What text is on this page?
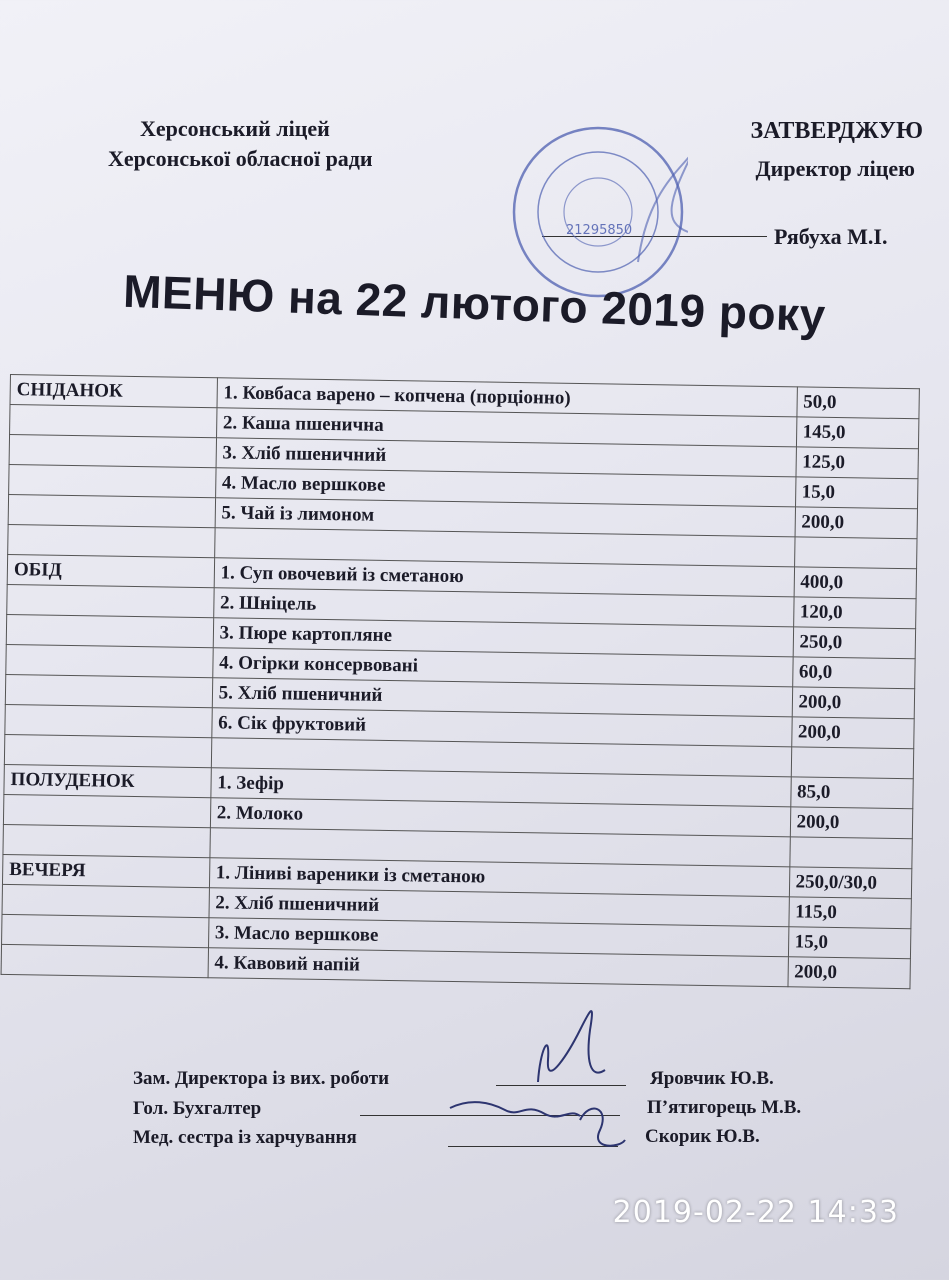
Херсонський ліцей
Херсонської обласної ради
ЗАТВЕРДЖУЮ
Директор ліцею
Рябуха М.І.
21295850
МЕНЮ на 22 лютого 2019 року
СНІДАНОК	1. Ковбаса варено – копчена (порціонно)	50,0
	2. Каша пшенична	145,0
	3. Хліб пшеничний	125,0
	4. Масло вершкове	15,0
	5. Чай із лимоном	200,0

ОБІД	1. Суп овочевий із сметаною	400,0
	2. Шніцель	120,0
	3. Пюре картопляне	250,0
	4. Огірки консервовані	60,0
	5. Хліб пшеничний	200,0
	6. Сік фруктовий	200,0

ПОЛУДЕНОК	1. Зефір	85,0
	2. Молоко	200,0

ВЕЧЕРЯ	1. Лінивi вареники із сметаною	250,0/30,0
	2. Хліб пшеничний	115,0
	3. Масло вершкове	15,0
	4. Кавовий напій	200,0
Зам. Директора із вих. роботи	Яровчик Ю.В.
Гол. Бухгалтер	П’ятигорець М.В.
Мед. сестра із харчування	Скорик Ю.В.
2019-02-22 14:33
